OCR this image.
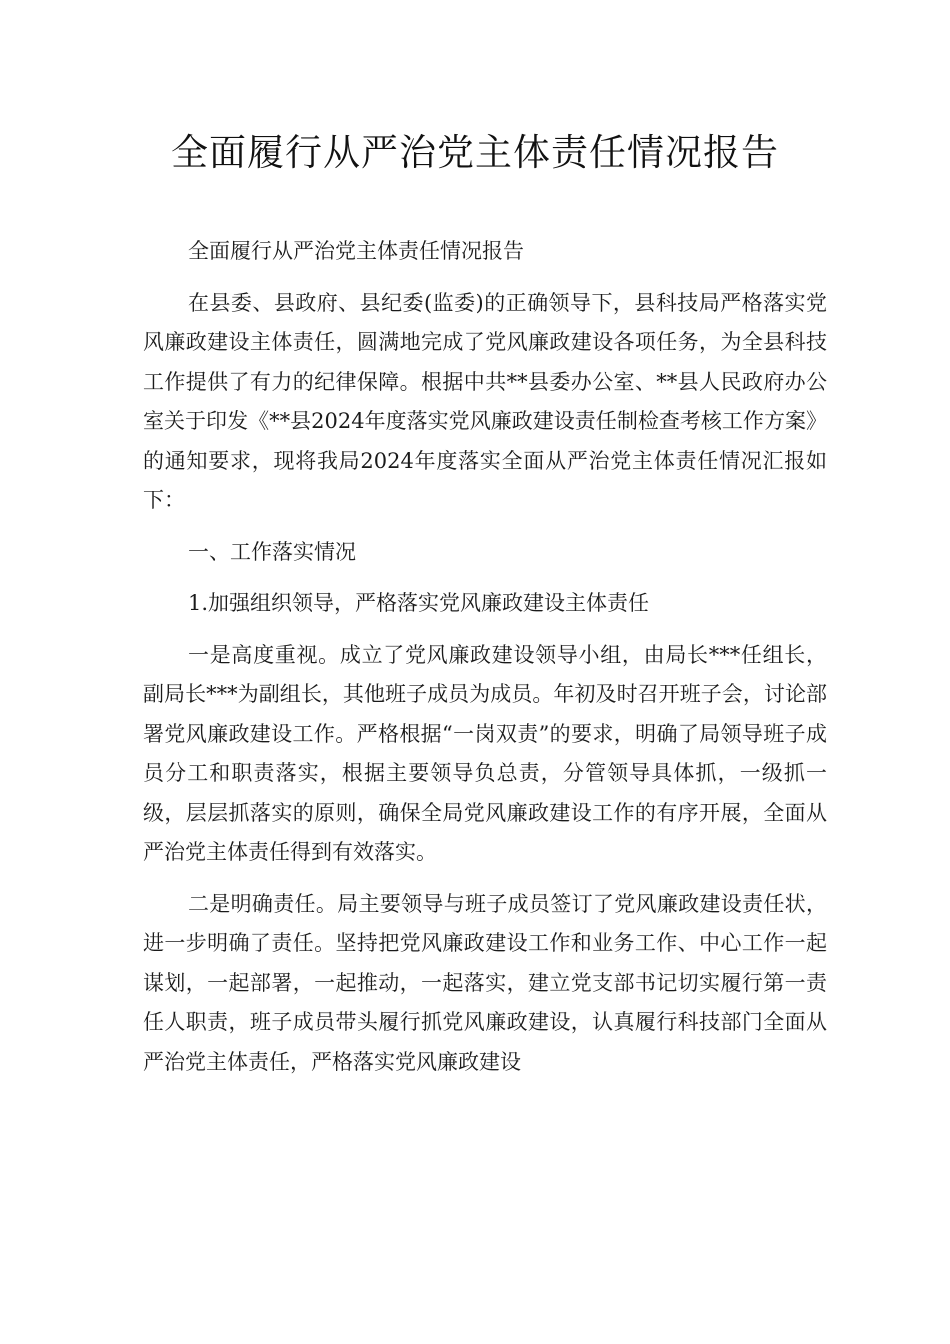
全面履行从严治党主体责任情况报告

全面履行从严治党主体责任情况报告

在县委、县政府、县纪委(监委)的正确领导下，县科技局严格落实党风廉政建设主体责任，圆满地完成了党风廉政建设各项任务，为全县科技工作提供了有力的纪律保障。根据中共**县委办公室、**县人民政府办公室关于印发《**县2024年度落实党风廉政建设责任制检查考核工作方案》的通知要求，现将我局2024年度落实全面从严治党主体责任情况汇报如下：

一、工作落实情况

1.加强组织领导，严格落实党风廉政建设主体责任

一是高度重视。成立了党风廉政建设领导小组，由局长***任组长，副局长***为副组长，其他班子成员为成员。年初及时召开班子会，讨论部署党风廉政建设工作。严格根据“一岗双责”的要求，明确了局领导班子成员分工和职责落实，根据主要领导负总责，分管领导具体抓，一级抓一级，层层抓落实的原则，确保全局党风廉政建设工作的有序开展，全面从严治党主体责任得到有效落实。

二是明确责任。局主要领导与班子成员签订了党风廉政建设责任状，进一步明确了责任。坚持把党风廉政建设工作和业务工作、中心工作一起谋划，一起部署，一起推动，一起落实，建立党支部书记切实履行第一责任人职责，班子成员带头履行抓党风廉政建设，认真履行科技部门全面从严治党主体责任，严格落实党风廉政建设
